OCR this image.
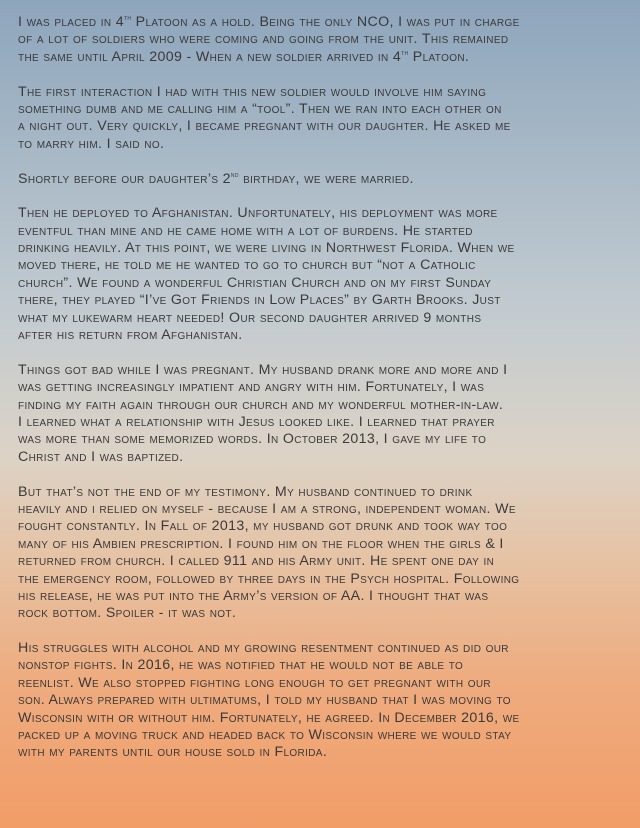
I was placed in 4th Platoon as a hold. Being the only NCO, I was put in charge
of a lot of soldiers who were coming and going from the unit. This remained
the same until April 2009 - When a new soldier arrived in 4th Platoon.
The first interaction I had with this new soldier would involve him saying
something dumb and me calling him a “tool”. Then we ran into each other on
a night out. Very quickly, I became pregnant with our daughter. He asked me
to marry him. I said no.
Shortly before our daughter’s 2nd birthday, we were married.
Then he deployed to Afghanistan. Unfortunately, his deployment was more
eventful than mine and he came home with a lot of burdens. He started
drinking heavily. At this point, we were living in Northwest Florida. When we
moved there, he told me he wanted to go to church but “not a Catholic
church”. We found a wonderful Christian Church and on my first Sunday
there, they played “I’ve Got Friends in Low Places” by Garth Brooks. Just
what my lukewarm heart needed! Our second daughter arrived 9 months
after his return from Afghanistan.
Things got bad while I was pregnant. My husband drank more and more and I
was getting increasingly impatient and angry with him. Fortunately, I was
finding my faith again through our church and my wonderful mother-in-law.
I learned what a relationship with Jesus looked like. I learned that prayer
was more than some memorized words. In October 2013, I gave my life to
Christ and I was baptized.
But that’s not the end of my testimony. My husband continued to drink
heavily and i relied on myself - because I am a strong, independent woman. We
fought constantly. In Fall of 2013, my husband got drunk and took way too
many of his Ambien prescription. I found him on the floor when the girls & I
returned from church. I called 911 and his Army unit. He spent one day in
the emergency room, followed by three days in the Psych hospital. Following
his release, he was put into the Army’s version of AA. I thought that was
rock bottom. Spoiler - it was not.
His struggles with alcohol and my growing resentment continued as did our
nonstop fights. In 2016, he was notified that he would not be able to
reenlist. We also stopped fighting long enough to get pregnant with our
son. Always prepared with ultimatums, I told my husband that I was moving to
Wisconsin with or without him. Fortunately, he agreed. In December 2016, we
packed up a moving truck and headed back to Wisconsin where we would stay
with my parents until our house sold in Florida.
